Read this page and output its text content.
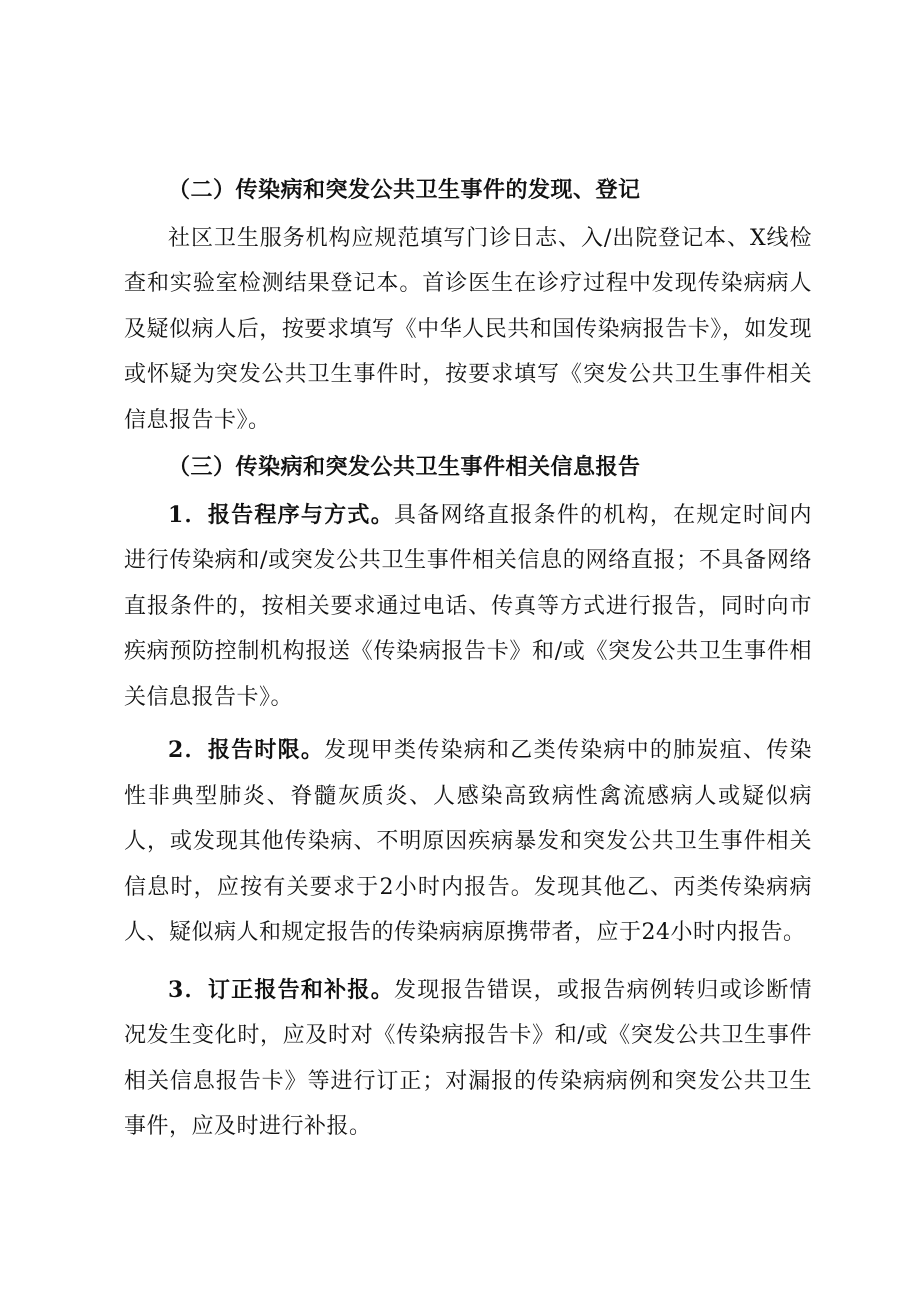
（二）传染病和突发公共卫生事件的发现、登记

社区卫生服务机构应规范填写门诊日志、入/出院登记本、X线检查和实验室检测结果登记本。首诊医生在诊疗过程中发现传染病病人及疑似病人后，按要求填写《中华人民共和国传染病报告卡》，如发现或怀疑为突发公共卫生事件时，按要求填写《突发公共卫生事件相关信息报告卡》。

（三）传染病和突发公共卫生事件相关信息报告

1．报告程序与方式。具备网络直报条件的机构，在规定时间内进行传染病和/或突发公共卫生事件相关信息的网络直报；不具备网络直报条件的，按相关要求通过电话、传真等方式进行报告，同时向市疾病预防控制机构报送《传染病报告卡》和/或《突发公共卫生事件相关信息报告卡》。

2．报告时限。发现甲类传染病和乙类传染病中的肺炭疽、传染性非典型肺炎、脊髓灰质炎、人感染高致病性禽流感病人或疑似病人，或发现其他传染病、不明原因疾病暴发和突发公共卫生事件相关信息时，应按有关要求于2小时内报告。发现其他乙、丙类传染病病人、疑似病人和规定报告的传染病病原携带者，应于24小时内报告。

3．订正报告和补报。发现报告错误，或报告病例转归或诊断情况发生变化时，应及时对《传染病报告卡》和/或《突发公共卫生事件相关信息报告卡》等进行订正；对漏报的传染病病例和突发公共卫生事件，应及时进行补报。
